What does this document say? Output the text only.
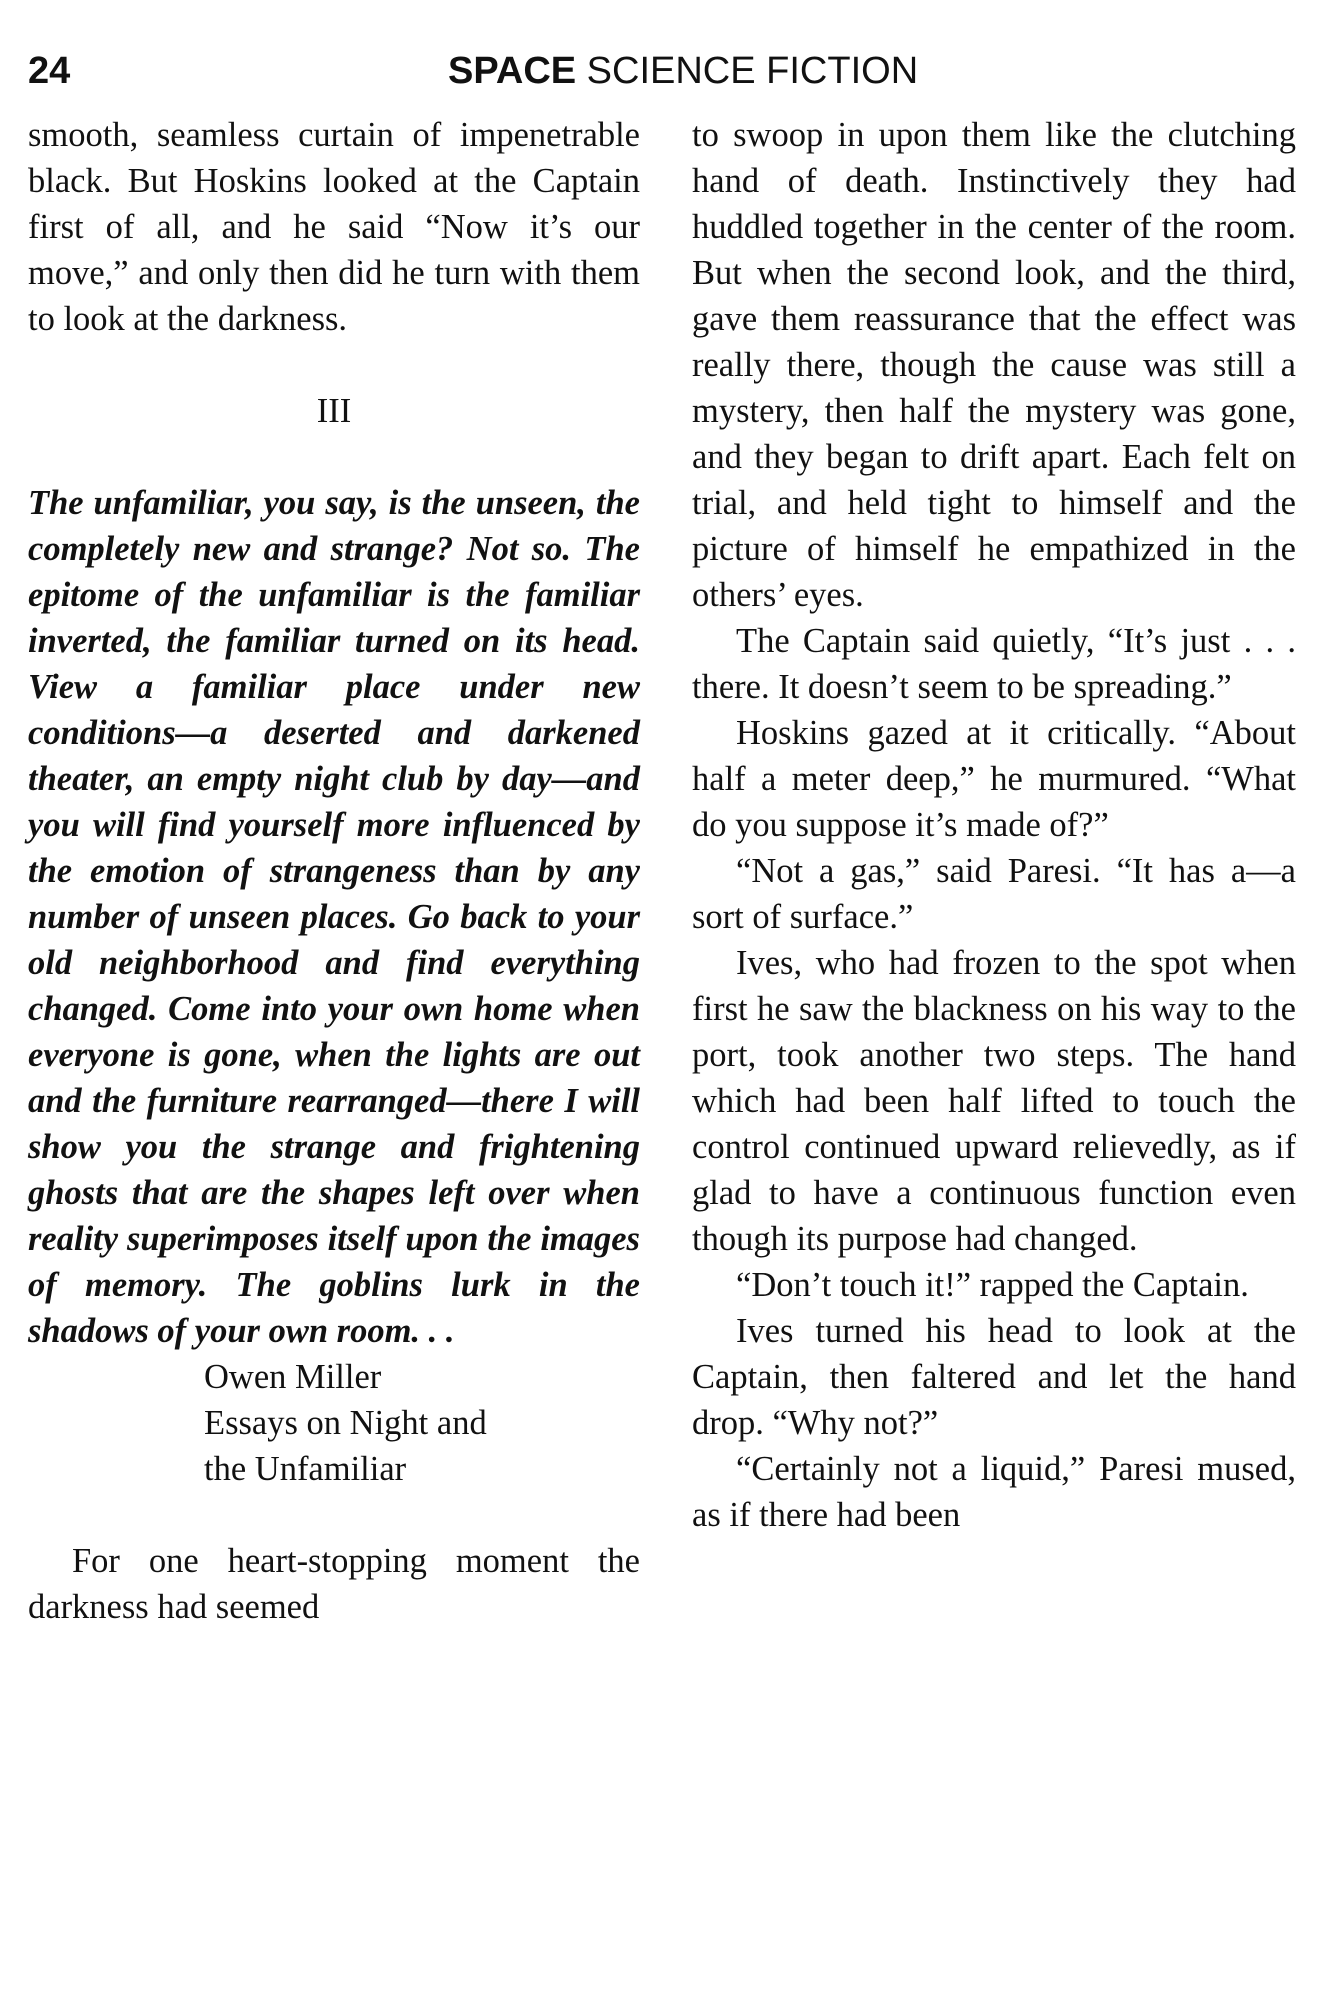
24	SPACE SCIENCE FICTION

smooth, seamless curtain of impenetrable black. But Hoskins looked at the Captain first of all, and he said “Now it’s our move,” and only then did he turn with them to look at the darkness.

III

The unfamiliar, you say, is the unseen, the completely new and strange? Not so. The epitome of the unfamiliar is the familiar inverted, the familiar turned on its head. View a familiar place under new conditions—a deserted and darkened theater, an empty night club by day—and you will find yourself more influenced by the emotion of strangeness than by any number of unseen places. Go back to your old neighborhood and find everything changed. Come into your own home when everyone is gone, when the lights are out and the furniture rearranged—there I will show you the strange and frightening ghosts that are the shapes left over when reality superimposes itself upon the images of memory. The goblins lurk in the shadows of your own room. . .

Owen Miller
Essays on Night and
the Unfamiliar

For one heart-stopping moment the darkness had seemed

to swoop in upon them like the clutching hand of death. Instinctively they had huddled together in the center of the room. But when the second look, and the third, gave them reassurance that the effect was really there, though the cause was still a mystery, then half the mystery was gone, and they began to drift apart. Each felt on trial, and held tight to himself and the picture of himself he empathized in the others’ eyes.

The Captain said quietly, “It’s just . . . there. It doesn’t seem to be spreading.”

Hoskins gazed at it critically. “About half a meter deep,” he murmured. “What do you suppose it’s made of?”

“Not a gas,” said Paresi. “It has a—a sort of surface.”

Ives, who had frozen to the spot when first he saw the blackness on his way to the port, took another two steps. The hand which had been half lifted to touch the control continued upward relievedly, as if glad to have a continuous function even though its purpose had changed.

“Don’t touch it!” rapped the Captain.

Ives turned his head to look at the Captain, then faltered and let the hand drop. “Why not?”

“Certainly not a liquid,” Paresi mused, as if there had been
